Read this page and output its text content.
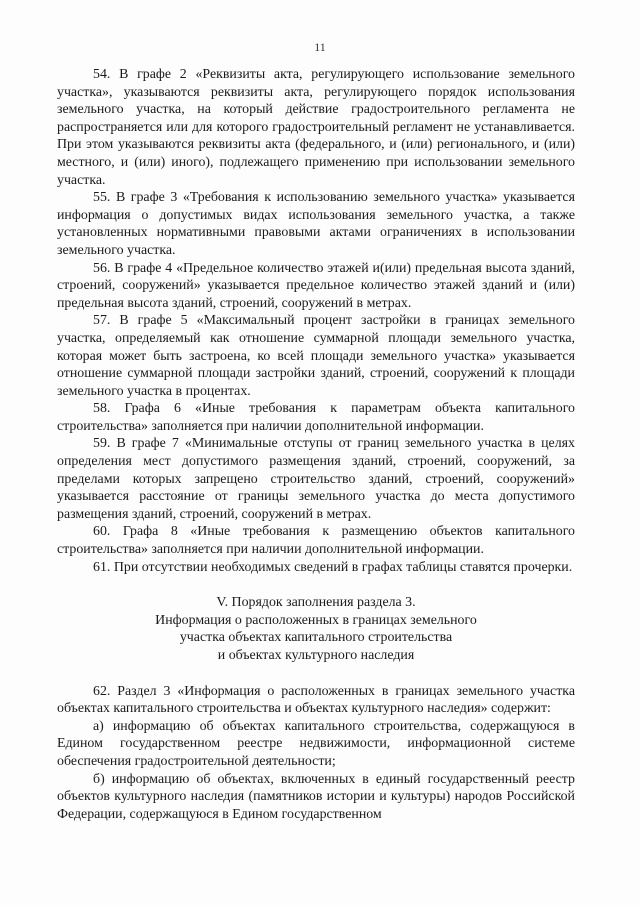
11

54. В графе 2 «Реквизиты акта, регулирующего использование земельного участка», указываются реквизиты акта, регулирующего порядок использования земельного участка, на который действие градостроительного регламента не распространяется или для которого градостроительный регламент не устанавливается. При этом указываются реквизиты акта (федерального, и (или) регионального, и (или) местного, и (или) иного), подлежащего применению при использовании земельного участка.

55. В графе 3 «Требования к использованию земельного участка» указывается информация о допустимых видах использования земельного участка, а также установленных нормативными правовыми актами ограничениях в использовании земельного участка.

56. В графе 4 «Предельное количество этажей и(или) предельная высота зданий, строений, сооружений» указывается предельное количество этажей зданий и (или) предельная высота зданий, строений, сооружений в метрах.

57. В графе 5 «Максимальный процент застройки в границах земельного участка, определяемый как отношение суммарной площади земельного участка, которая может быть застроена, ко всей площади земельного участка» указывается отношение суммарной площади застройки зданий, строений, сооружений к площади земельного участка в процентах.

58. Графа 6 «Иные требования к параметрам объекта капитального строительства» заполняется при наличии дополнительной информации.

59. В графе 7 «Минимальные отступы от границ земельного участка в целях определения мест допустимого размещения зданий, строений, сооружений, за пределами которых запрещено строительство зданий, строений, сооружений» указывается расстояние от границы земельного участка до места допустимого размещения зданий, строений, сооружений в метрах.

60. Графа 8 «Иные требования к размещению объектов капитального строительства» заполняется при наличии дополнительной информации.

61. При отсутствии необходимых сведений в графах таблицы ставятся прочерки.

V. Порядок заполнения раздела 3.
Информация о расположенных в границах земельного
участка объектах капитального строительства
и объектах культурного наследия

62. Раздел 3 «Информация о расположенных в границах земельного участка объектах капитального строительства и объектах культурного наследия» содержит:

а) информацию об объектах капитального строительства, содержащуюся в Едином государственном реестре недвижимости, информационной системе обеспечения градостроительной деятельности;

б) информацию об объектах, включенных в единый государственный реестр объектов культурного наследия (памятников истории и культуры) народов Российской Федерации, содержащуюся в Едином государственном
